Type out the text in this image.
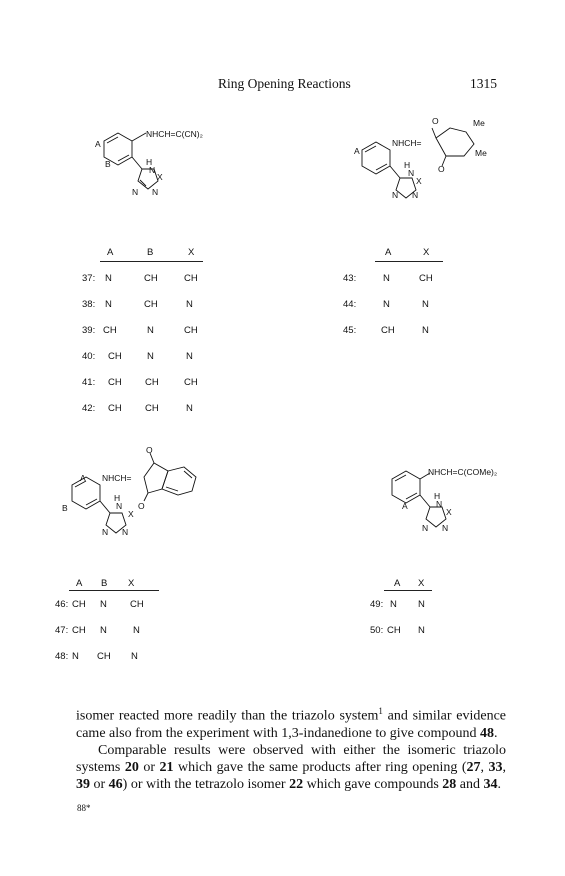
Ring Opening Reactions	1315
NHCH=C(CN)₂
A
B	H
N
X
N N
NHCH=
A
O
O
Me
Me
H
N
X
N N
A	B	X
37: N	CH	CH
38: N	CH	N
39: CH	N	CH
40: CH	N	N
41: CH CH	CH
42: CH CH	N
A	X
43:	N	CH
44:	N	N
45:	CH	N
NHCH=
A
B
O
O
H
N
X
N N
NHCH=C(COMe)₂
A
H
N
X
N N
A B X
46: CH N CH
47: CH N	N
48: N CH N
A X
49: N N
50: CH N

isomer reacted more readily than the triazolo system$^1$ and similar evidence came also from the experiment with 1,3-indanedione to give compound 48.

Comparable results were observed with either the isomeric triazolo systems 20 or 21 which gave the same products after ring opening (27, 33, 39 or 46) or with the tetrazolo isomer 22 which gave compounds 28 and 34.

88*
